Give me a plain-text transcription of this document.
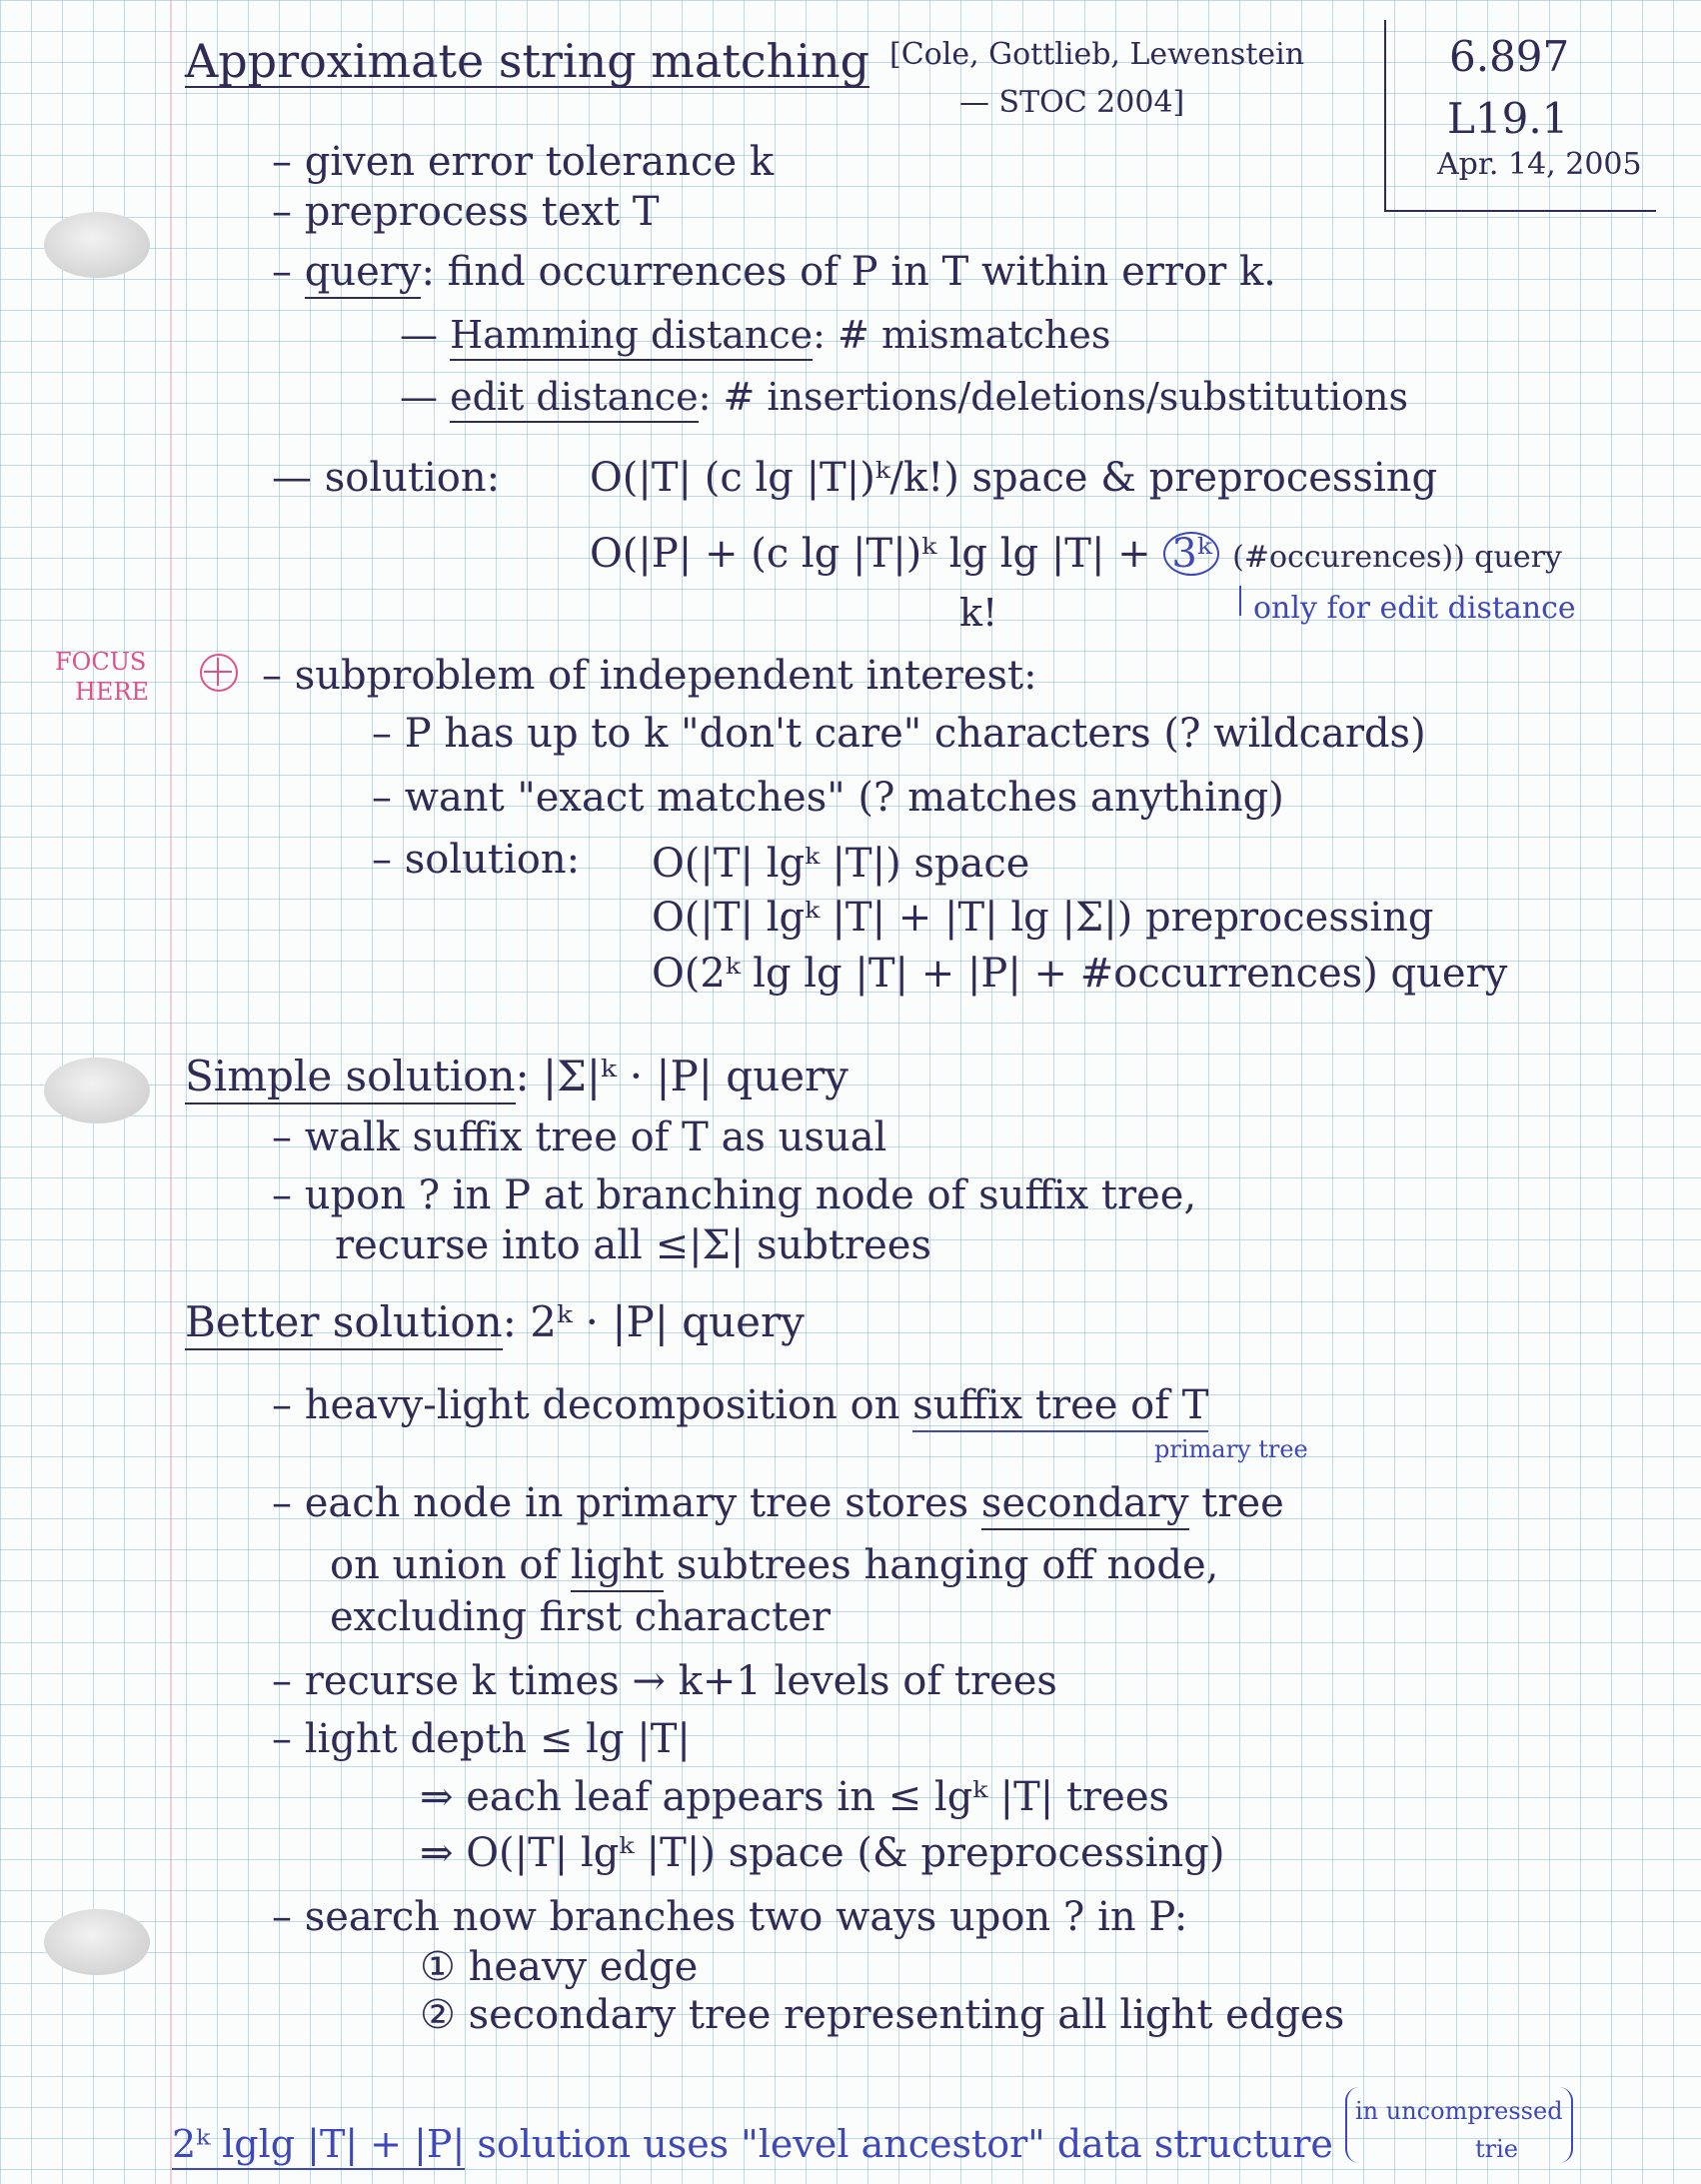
Approximate string matching [Cole, Gottlieb, Lewenstein
— STOC 2004]
6.897
L19.1
Apr. 14, 2005
– given error tolerance k
– preprocess text T
– query: find occurrences of P in T within error k.
— Hamming distance: # mismatches
— edit distance: # insertions/deletions/substitutions
— solution: O(|T| (c lg |T|)ᵏ/k!) space & preprocessing
O(|P| + (c lg |T|)ᵏ lg lg |T| + 3ᵏ (#occurences)) query
k!	only for edit distance
FOCUS
HERE	– subproblem of independent interest:
– P has up to k "don't care" characters (? wildcards)
– want "exact matches" (? matches anything)
– solution: O(|T| lgᵏ |T|) space
O(|T| lgᵏ |T| + |T| lg |Σ|) preprocessing
O(2ᵏ lg lg |T| + |P| + #occurrences) query
Simple solution: |Σ|ᵏ · |P| query
– walk suffix tree of T as usual
– upon ? in P at branching node of suffix tree,
recurse into all ≤|Σ| subtrees
Better solution: 2ᵏ · |P| query
– heavy-light decomposition on suffix tree of T
primary tree
– each node in primary tree stores secondary tree
on union of light subtrees hanging off node,
excluding first character
– recurse k times → k+1 levels of trees
– light depth ≤ lg |T|
⇒ each leaf appears in ≤ lgᵏ |T| trees
⇒ O(|T| lgᵏ |T|) space (& preprocessing)
– search now branches two ways upon ? in P:
① heavy edge
② secondary tree representing all light edges
2ᵏ lglg |T| + |P| solution uses "level ancestor" data structure in uncompressed
trie
